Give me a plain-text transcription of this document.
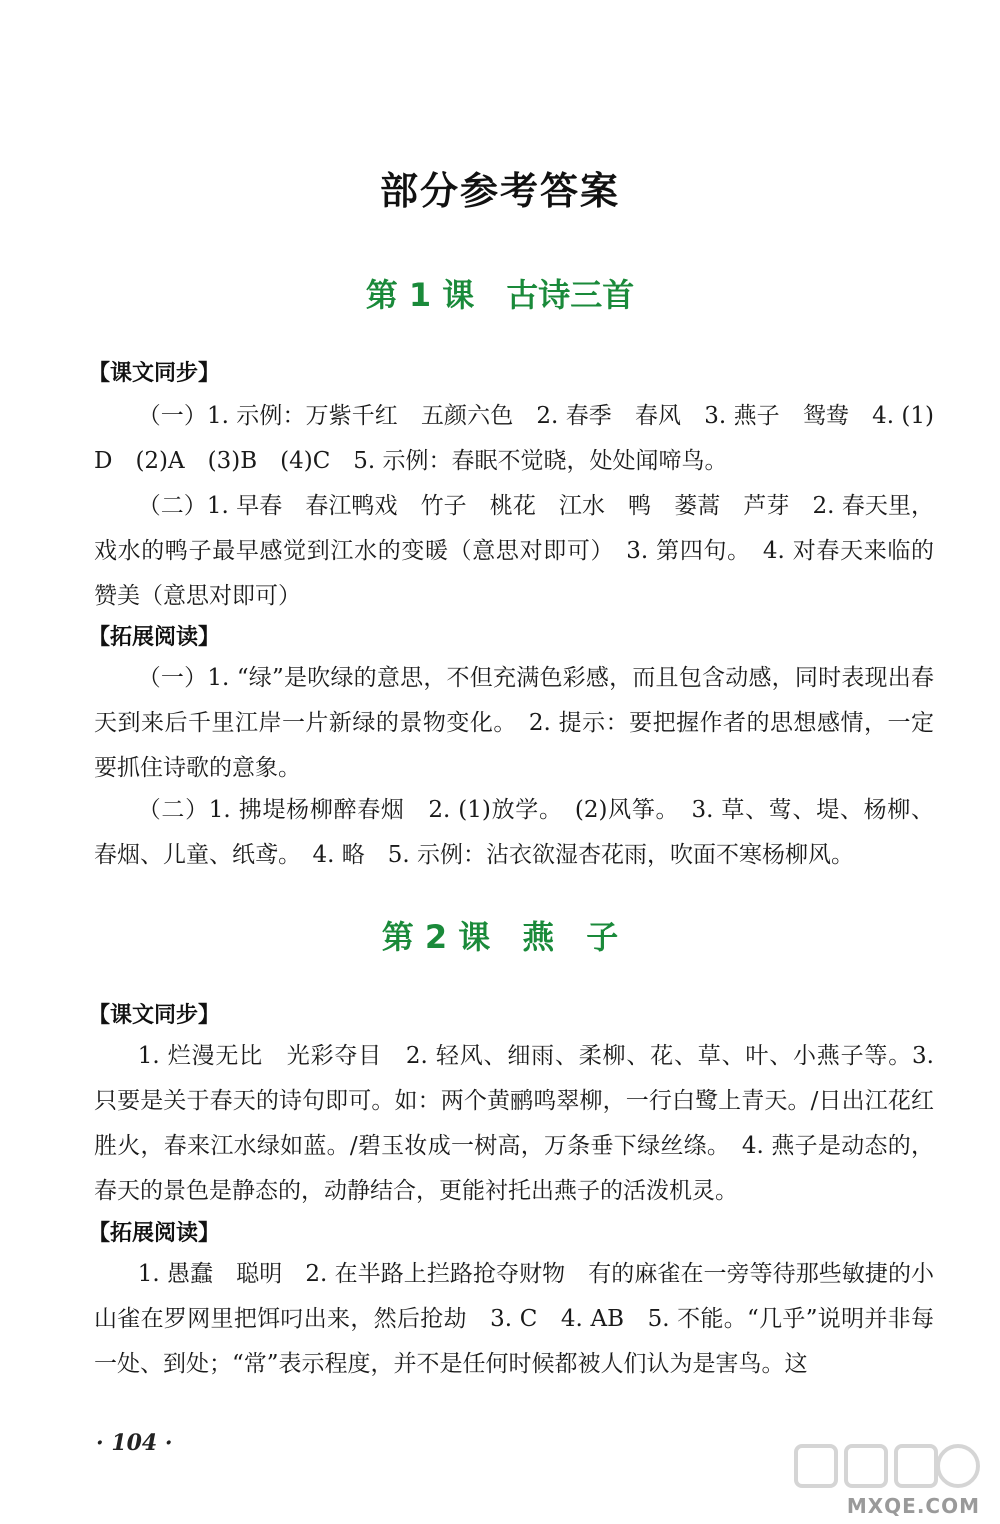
部分参考答案
第 1 课　古诗三首
【课文同步】
（一）1. 示例：万紫千红　五颜六色　2. 春季　春风　3. 燕子　鸳鸯　4. (1)D　(2)A　(3)B　(4)C　5. 示例：春眠不觉晓，处处闻啼鸟。
（二）1. 早春　春江鸭戏　竹子　桃花　江水　鸭　蒌蒿　芦芽　2. 春天里，戏水的鸭子最早感觉到江水的变暖（意思对即可）　3. 第四句。　4. 对春天来临的赞美（意思对即可）
【拓展阅读】
（一）1. “绿”是吹绿的意思，不但充满色彩感，而且包含动感，同时表现出春天到来后千里江岸一片新绿的景物变化。　2. 提示：要把握作者的思想感情，一定要抓住诗歌的意象。
（二）1. 拂堤杨柳醉春烟　2. (1)放学。　(2)风筝。　3. 草、莺、堤、杨柳、春烟、儿童、纸鸢。　4. 略　5. 示例：沾衣欲湿杏花雨，吹面不寒杨柳风。
第 2 课　燕　子
【课文同步】
1. 烂漫无比　光彩夺目　2. 轻风、细雨、柔柳、花、草、叶、小燕子等。3. 只要是关于春天的诗句即可。如：两个黄鹂鸣翠柳，一行白鹭上青天。/日出江花红胜火，春来江水绿如蓝。/碧玉妆成一树高，万条垂下绿丝绦。　4. 燕子是动态的，春天的景色是静态的，动静结合，更能衬托出燕子的活泼机灵。
【拓展阅读】
1. 愚蠢　聪明　2. 在半路上拦路抢夺财物　有的麻雀在一旁等待那些敏捷的小山雀在罗网里把饵叼出来，然后抢劫　3. C　4. AB　5. 不能。“几乎”说明并非每一处、到处；“常”表示程度，并不是任何时候都被人们认为是害鸟。这
· 104 ·
MXQE.COM
